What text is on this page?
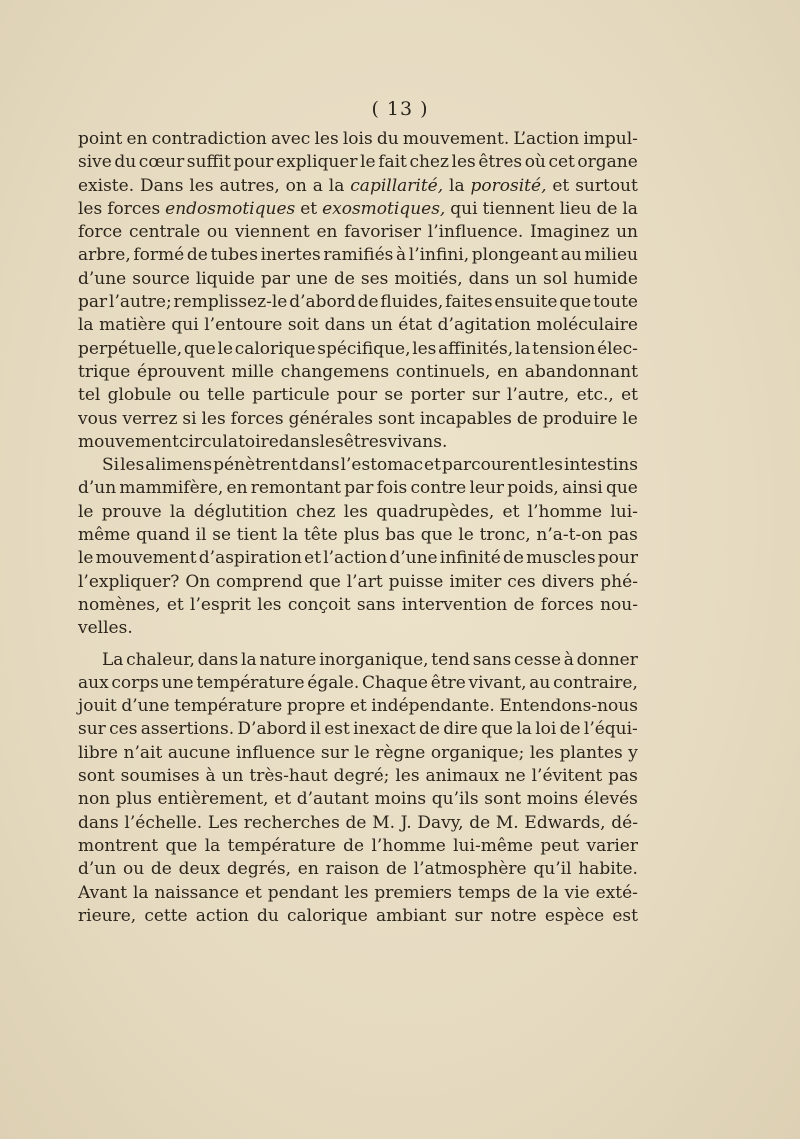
( 13 )
point en contradiction avec les lois du mouvement. L’action impul-
sive du cœur suffit pour expliquer le fait chez les êtres où cet organe
existe. Dans les autres, on a la capillarité, la porosité, et surtout
les forces endosmotiques et exosmotiques, qui tiennent lieu de la
force centrale ou viennent en favoriser l’influence. Imaginez un
arbre, formé de tubes inertes ramifiés à l’infini, plongeant au milieu
d’une source liquide par une de ses moitiés, dans un sol humide
par l’autre; remplissez-le d’abord de fluides, faites ensuite que toute
la matière qui l’entoure soit dans un état d’agitation moléculaire
perpétuelle, que le calorique spécifique, les affinités, la tension élec-
trique éprouvent mille changemens continuels, en abandonnant
tel globule ou telle particule pour se porter sur l’autre, etc., et
vous verrez si les forces générales sont incapables de produire le
mouvement circulatoire dans les êtres vivans.
Si les alimens pénètrent dans l’estomac et parcourent les intestins
d’un mammifère, en remontant par fois contre leur poids, ainsi que
le prouve la déglutition chez les quadrupèdes, et l’homme lui-
même quand il se tient la tête plus bas que le tronc, n’a-t-on pas
le mouvement d’aspiration et l’action d’une infinité de muscles pour
l’expliquer? On comprend que l’art puisse imiter ces divers phé-
nomènes, et l’esprit les conçoit sans intervention de forces nou-
velles.
La chaleur, dans la nature inorganique, tend sans cesse à donner
aux corps une température égale. Chaque être vivant, au contraire,
jouit d’une température propre et indépendante. Entendons-nous
sur ces assertions. D’abord il est inexact de dire que la loi de l’équi-
libre n’ait aucune influence sur le règne organique; les plantes y
sont soumises à un très-haut degré; les animaux ne l’évitent pas
non plus entièrement, et d’autant moins qu’ils sont moins élevés
dans l’échelle. Les recherches de M. J. Davy, de M. Edwards, dé-
montrent que la température de l’homme lui-même peut varier
d’un ou de deux degrés, en raison de l’atmosphère qu’il habite.
Avant la naissance et pendant les premiers temps de la vie exté-
rieure, cette action du calorique ambiant sur notre espèce est
